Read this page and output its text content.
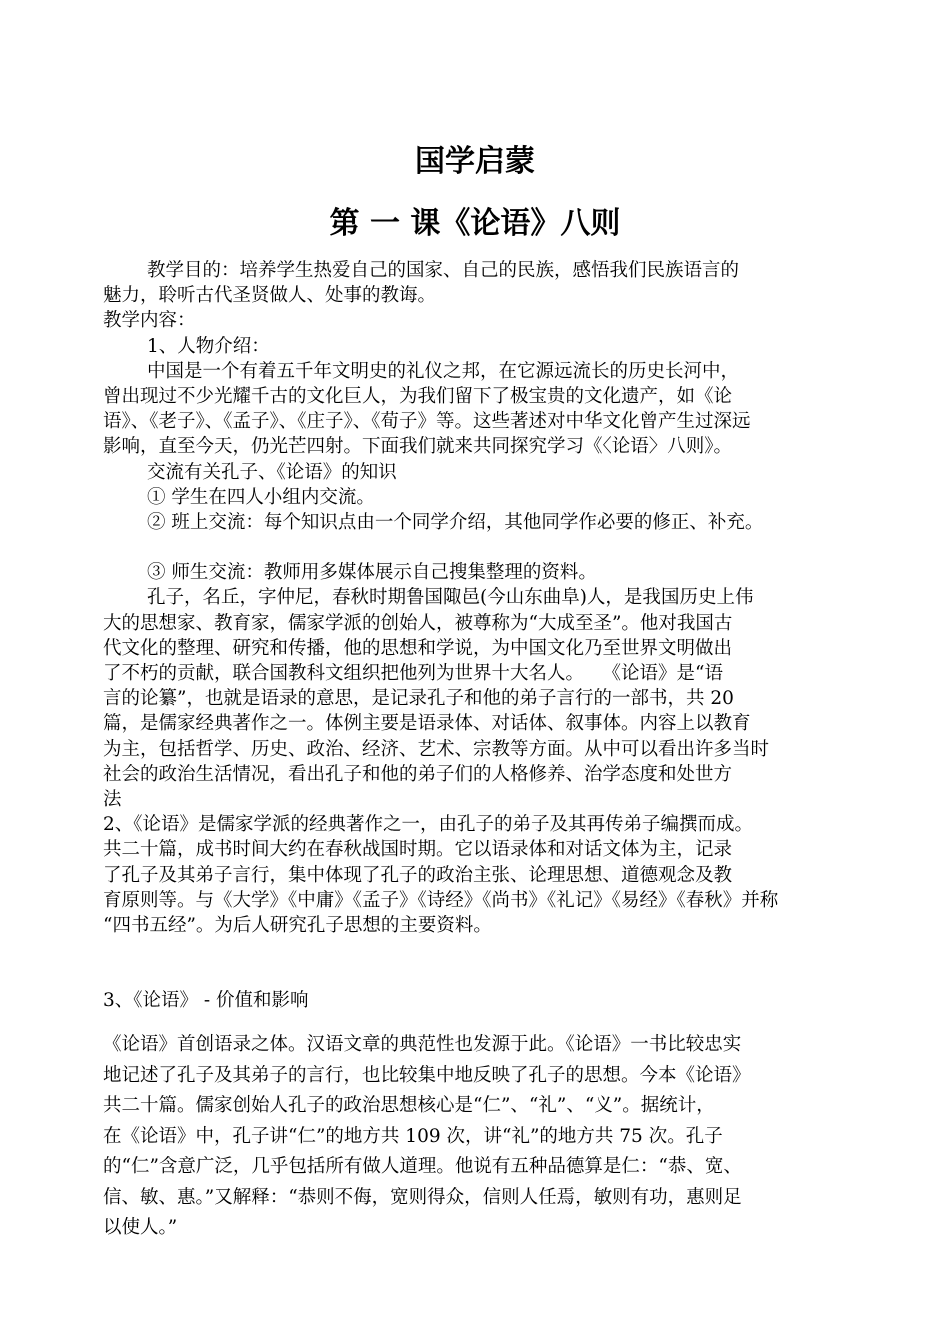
国学启蒙
第 一 课《论语》八则
教学目的：培养学生热爱自己的国家、自己的民族，感悟我们民族语言的
魅力，聆听古代圣贤做人、处事的教诲。
教学内容：
1、人物介绍：
中国是一个有着五千年文明史的礼仪之邦，在它源远流长的历史长河中，
曾出现过不少光耀千古的文化巨人，为我们留下了极宝贵的文化遗产，如《论
语》、《老子》、《孟子》、《庄子》、《荀子》等。这些著述对中华文化曾产生过深远
影响，直至今天，仍光芒四射。下面我们就来共同探究学习《〈论语〉八则》。
交流有关孔子、《论语》的知识
① 学生在四人小组内交流。
② 班上交流：每个知识点由一个同学介绍，其他同学作必要的修正、补充。
③ 师生交流：教师用多媒体展示自己搜集整理的资料。
孔子，名丘，字仲尼，春秋时期鲁国陬邑(今山东曲阜)人，是我国历史上伟
大的思想家、教育家，儒家学派的创始人，被尊称为“大成至圣”。他对我国古
代文化的整理、研究和传播，他的思想和学说，为中国文化乃至世界文明做出
了不朽的贡献，联合国教科文组织把他列为世界十大名人。　　《论语》是“语
言的论纂”，也就是语录的意思，是记录孔子和他的弟子言行的一部书，共 20
篇，是儒家经典著作之一。体例主要是语录体、对话体、叙事体。内容上以教育
为主，包括哲学、历史、政治、经济、艺术、宗教等方面。从中可以看出许多当时
社会的政治生活情况，看出孔子和他的弟子们的人格修养、治学态度和处世方
法
2、《论语》是儒家学派的经典著作之一，由孔子的弟子及其再传弟子编撰而成。
共二十篇，成书时间大约在春秋战国时期。它以语录体和对话文体为主，记录
了孔子及其弟子言行，集中体现了孔子的政治主张、论理思想、道德观念及教
育原则等。与《大学》《中庸》《孟子》《诗经》《尚书》《礼记》《易经》《春秋》并称
“四书五经”。为后人研究孔子思想的主要资料。
3、《论语》 - 价值和影响
《论语》首创语录之体。汉语文章的典范性也发源于此。《论语》一书比较忠实
地记述了孔子及其弟子的言行，也比较集中地反映了孔子的思想。今本《论语》
共二十篇。儒家创始人孔子的政治思想核心是“仁”、“礼”、“义”。据统计，
在《论语》中，孔子讲“仁”的地方共 109 次，讲“礼”的地方共 75 次。孔子
的“仁”含意广泛，几乎包括所有做人道理。他说有五种品德算是仁：“恭、宽、
信、敏、惠。”又解释：“恭则不侮，宽则得众，信则人任焉，敏则有功，惠则足
以使人。”
